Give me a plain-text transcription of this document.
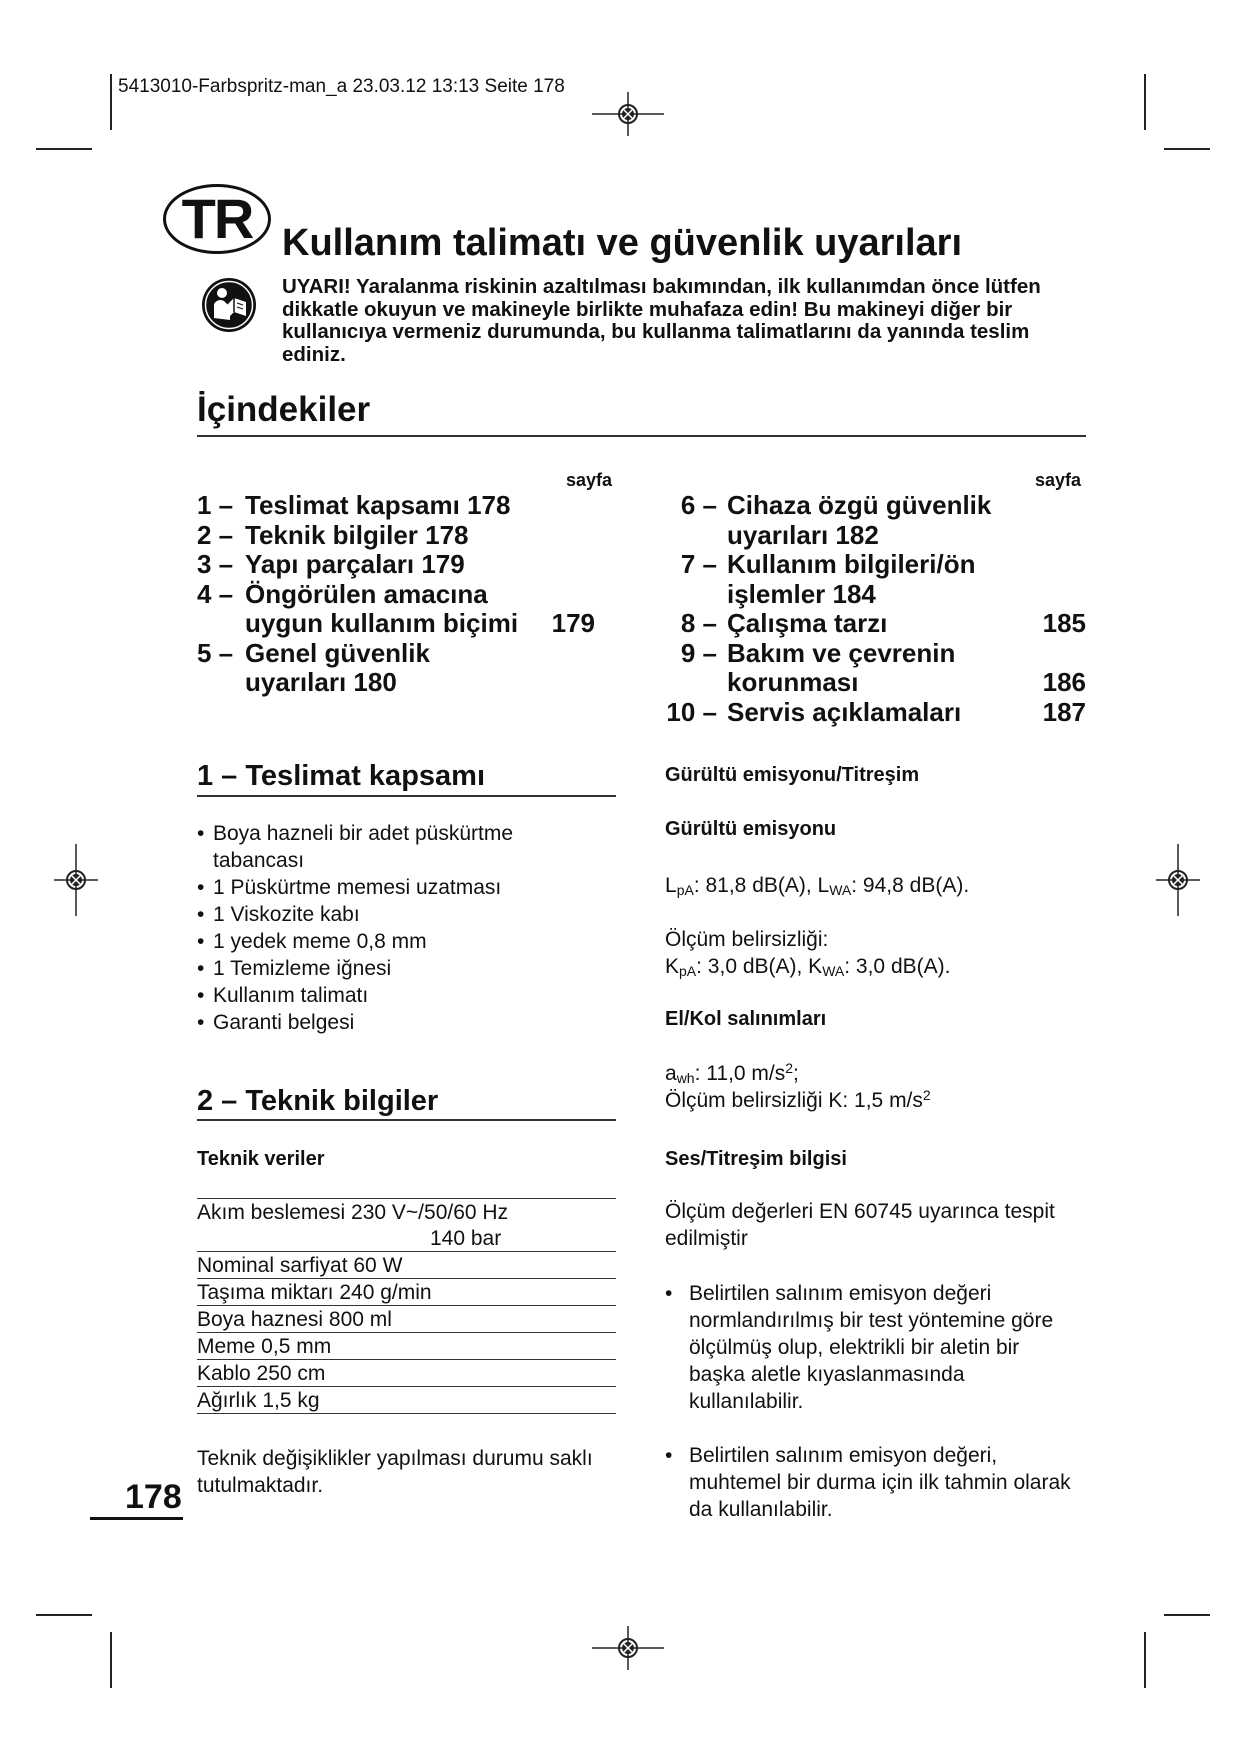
5413010-Farbspritz-man_a 23.03.12 13:13 Seite 178
TR Kullanım talimatı ve güvenlik uyarıları
UYARI! Yaralanma riskinin azaltılması bakımından, ilk kullanımdan önce lütfen dikkatle okuyun ve makineyle birlikte muhafaza edin! Bu makineyi diğer bir kullanıcıya vermeniz durumunda, bu kullanma talimatlarını da yanında teslim ediniz.
İçindekiler
sayfa	sayfa
1 – Teslimat kapsamı 178
2 – Teknik bilgiler 178
3 – Yapı parçaları 179
4 – Öngörülen amacına
uygun kullanım biçimi	179
5 – Genel güvenlik
uyarıları 180
6 – Cihaza özgü güvenlik
uyarıları 182
7 – Kullanım bilgileri/ön
işlemler 184
8 – Çalışma tarzı	185
9 – Bakım ve çevrenin
korunması	186
10 – Servis açıklamaları	187
1 – Teslimat kapsamı
• Boya hazneli bir adet püskürtme tabancası
• 1 Püskürtme memesi uzatması
• 1 Viskozite kabı
• 1 yedek meme 0,8 mm
• 1 Temizleme iğnesi
• Kullanım talimatı
• Garanti belgesi
2 – Teknik bilgiler
Teknik veriler
Akım beslemesi 230 V~/50/60 Hz
140 bar
Nominal sarfiyat 60 W
Taşıma miktarı 240 g/min
Boya haznesi 800 ml
Meme 0,5 mm
Kablo 250 cm
Ağırlık 1,5 kg
Teknik değişiklikler yapılması durumu saklı tutulmaktadır.
Gürültü emisyonu/Titreşim
Gürültü emisyonu
$L_{pA}$: 81,8 dB(A), $L_{WA}$: 94,8 dB(A).
Ölçüm belirsizliği:
$K_{pA}$: 3,0 dB(A), $K_{WA}$: 3,0 dB(A).
El/Kol salınımları
$a_{wh}$: 11,0 $m/s^2$;
Ölçüm belirsizliği K: 1,5 $m/s^2$
Ses/Titreşim bilgisi
Ölçüm değerleri EN 60745 uyarınca tespit edilmiştir
• Belirtilen salınım emisyon değeri normlandırılmış bir test yöntemine göre ölçülmüş olup, elektrikli bir aletin bir başka aletle kıyaslanmasında kullanılabilir.
• Belirtilen salınım emisyon değeri, muhtemel bir durma için ilk tahmin olarak da kullanılabilir.
178
